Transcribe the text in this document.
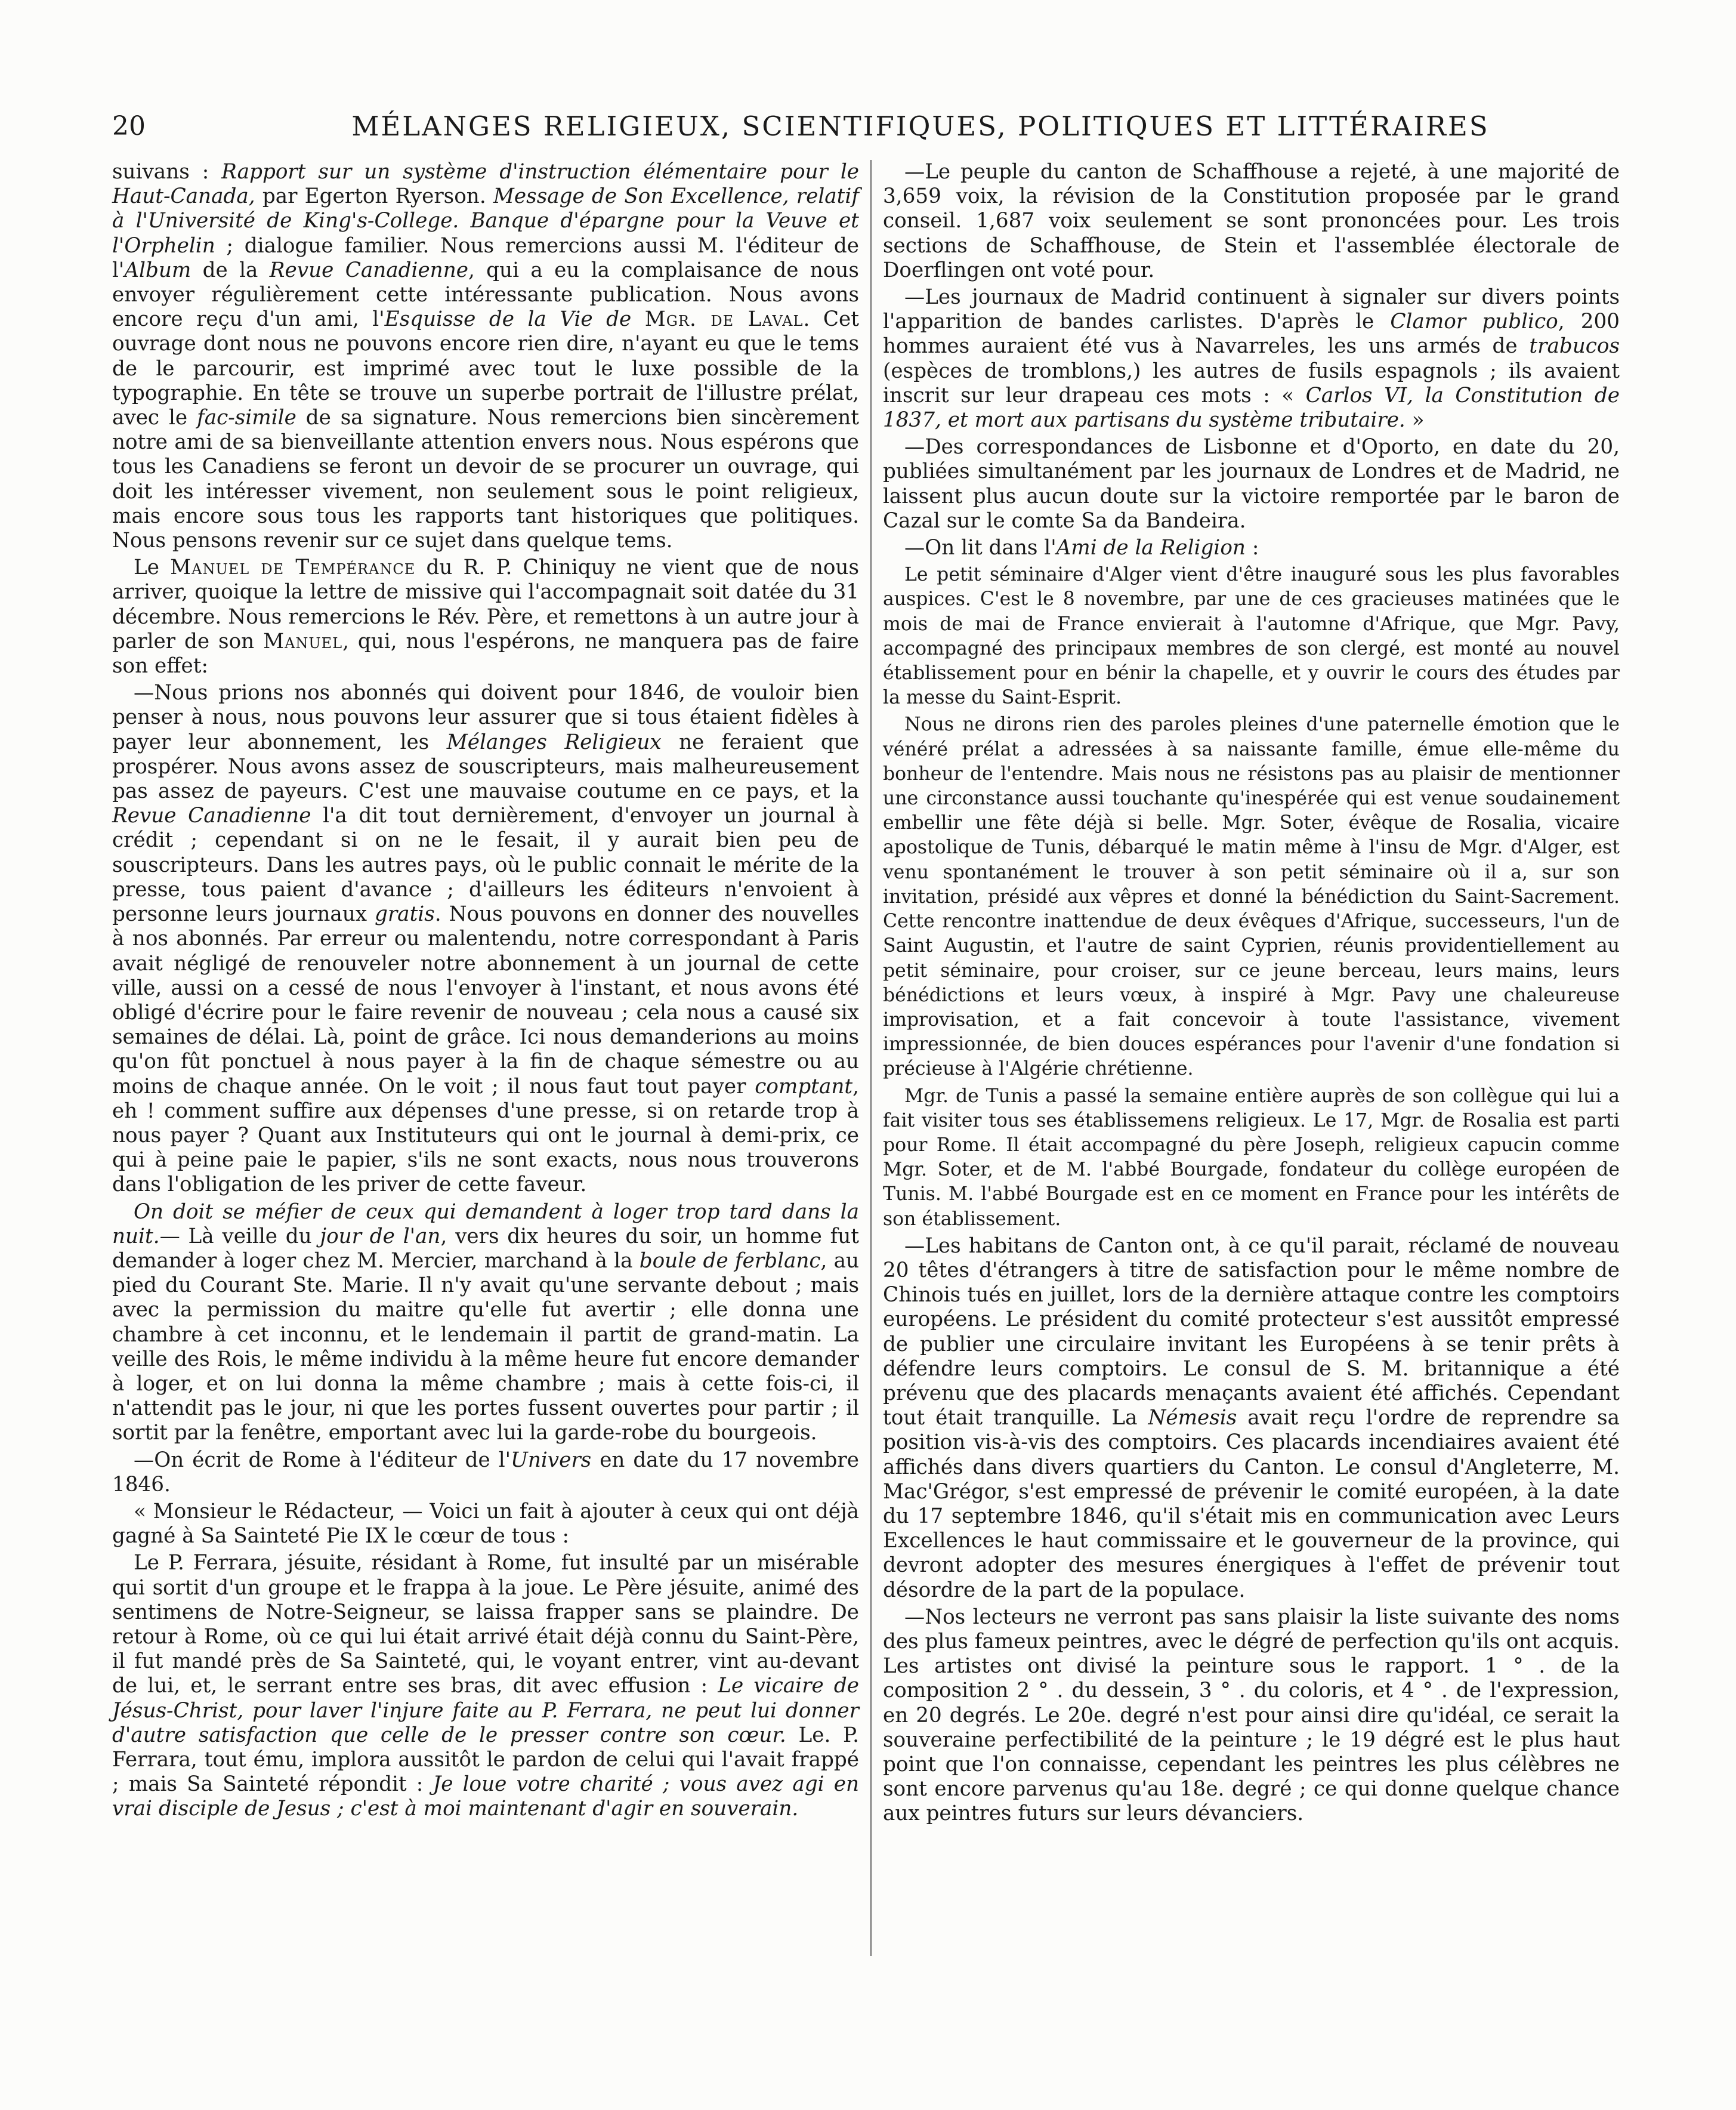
20	MÉLANGES RELIGIEUX, SCIENTIFIQUES, POLITIQUES ET LITTÉRAIRES

suivans : Rapport sur un système d'instruction élémentaire pour le Haut-Canada, par Egerton Ryerson. Message de Son Excellence, relatif à l'Université de King's-College. Banque d'épargne pour la Veuve et l'Orphelin ; dialogue familier. Nous remercions aussi M. l'éditeur de l'Album de la Revue Canadienne, qui a eu la complaisance de nous envoyer régulièrement cette intéressante publication. Nous avons encore reçu d'un ami, l'Esquisse de la Vie de Mgr. de Laval. Cet ouvrage dont nous ne pouvons encore rien dire, n'ayant eu que le tems de le parcourir, est imprimé avec tout le luxe possible de la typographie. En tête se trouve un superbe portrait de l'illustre prélat, avec le fac-simile de sa signature. Nous remercions bien sincèrement notre ami de sa bienveillante attention envers nous. Nous espérons que tous les Canadiens se feront un devoir de se procurer un ouvrage, qui doit les intéresser vivement, non seulement sous le point religieux, mais encore sous tous les rapports tant historiques que politiques. Nous pensons revenir sur ce sujet dans quelque tems.

Le Manuel de Tempérance du R. P. Chiniquy ne vient que de nous arriver, quoique la lettre de missive qui l'accompagnait soit datée du 31 décembre. Nous remercions le Rév. Père, et remettons à un autre jour à parler de son Manuel, qui, nous l'espérons, ne manquera pas de faire son effet:

—Nous prions nos abonnés qui doivent pour 1846, de vouloir bien penser à nous, nous pouvons leur assurer que si tous étaient fidèles à payer leur abonnement, les Mélanges Religieux ne feraient que prospérer. Nous avons assez de souscripteurs, mais malheureusement pas assez de payeurs. C'est une mauvaise coutume en ce pays, et la Revue Canadienne l'a dit tout dernièrement, d'envoyer un journal à crédit ; cependant si on ne le fesait, il y aurait bien peu de souscripteurs. Dans les autres pays, où le public connait le mérite de la presse, tous paient d'avance ; d'ailleurs les éditeurs n'envoient à personne leurs journaux gratis. Nous pouvons en donner des nouvelles à nos abonnés. Par erreur ou malentendu, notre correspondant à Paris avait négligé de renouveler notre abonnement à un journal de cette ville, aussi on a cessé de nous l'envoyer à l'instant, et nous avons été obligé d'écrire pour le faire revenir de nouveau ; cela nous a causé six semaines de délai. Là, point de grâce. Ici nous demanderions au moins qu'on fût ponctuel à nous payer à la fin de chaque sémestre ou au moins de chaque année. On le voit ; il nous faut tout payer comptant, eh ! comment suffire aux dépenses d'une presse, si on retarde trop à nous payer ? Quant aux Instituteurs qui ont le journal à demi-prix, ce qui à peine paie le papier, s'ils ne sont exacts, nous nous trouverons dans l'obligation de les priver de cette faveur.

On doit se méfier de ceux qui demandent à loger trop tard dans la nuit.— Là veille du jour de l'an, vers dix heures du soir, un homme fut demander à loger chez M. Mercier, marchand à la boule de ferblanc, au pied du Courant Ste. Marie. Il n'y avait qu'une servante debout ; mais avec la permission du maitre qu'elle fut avertir ; elle donna une chambre à cet inconnu, et le lendemain il partit de grand-matin. La veille des Rois, le même individu à la même heure fut encore demander à loger, et on lui donna la même chambre ; mais à cette fois-ci, il n'attendit pas le jour, ni que les portes fussent ouvertes pour partir ; il sortit par la fenêtre, emportant avec lui la garde-robe du bourgeois.

—On écrit de Rome à l'éditeur de l'Univers en date du 17 novembre 1846.

« Monsieur le Rédacteur, — Voici un fait à ajouter à ceux qui ont déjà gagné à Sa Sainteté Pie IX le cœur de tous :

Le P. Ferrara, jésuite, résidant à Rome, fut insulté par un misérable qui sortit d'un groupe et le frappa à la joue. Le Père jésuite, animé des sentimens de Notre-Seigneur, se laissa frapper sans se plaindre. De retour à Rome, où ce qui lui était arrivé était déjà connu du Saint-Père, il fut mandé près de Sa Sainteté, qui, le voyant entrer, vint au-devant de lui, et, le serrant entre ses bras, dit avec effusion : Le vicaire de Jésus-Christ, pour laver l'injure faite au P. Ferrara, ne peut lui donner d'autre satisfaction que celle de le presser contre son cœur. Le. P. Ferrara, tout ému, implora aussitôt le pardon de celui qui l'avait frappé ; mais Sa Sainteté répondit : Je loue votre charité ; vous avez agi en vrai disciple de Jesus ; c'est à moi maintenant d'agir en souverain.

—Le peuple du canton de Schaffhouse a rejeté, à une majorité de 3,659 voix, la révision de la Constitution proposée par le grand conseil. 1,687 voix seulement se sont prononcées pour. Les trois sections de Schaffhouse, de Stein et l'assemblée électorale de Doerflingen ont voté pour.

—Les journaux de Madrid continuent à signaler sur divers points l'apparition de bandes carlistes. D'après le Clamor publico, 200 hommes auraient été vus à Navarreles, les uns armés de trabucos (espèces de tromblons,) les autres de fusils espagnols ; ils avaient inscrit sur leur drapeau ces mots : « Carlos VI, la Constitution de 1837, et mort aux partisans du système tributaire. »

—Des correspondances de Lisbonne et d'Oporto, en date du 20, publiées simultanément par les journaux de Londres et de Madrid, ne laissent plus aucun doute sur la victoire remportée par le baron de Cazal sur le comte Sa da Bandeira.

—On lit dans l'Ami de la Religion :

Le petit séminaire d'Alger vient d'être inauguré sous les plus favorables auspices. C'est le 8 novembre, par une de ces gracieuses matinées que le mois de mai de France envierait à l'automne d'Afrique, que Mgr. Pavy, accompagné des principaux membres de son clergé, est monté au nouvel établissement pour en bénir la chapelle, et y ouvrir le cours des études par la messe du Saint-Esprit.

Nous ne dirons rien des paroles pleines d'une paternelle émotion que le vénéré prélat a adressées à sa naissante famille, émue elle-même du bonheur de l'entendre. Mais nous ne résistons pas au plaisir de mentionner une circonstance aussi touchante qu'inespérée qui est venue soudainement embellir une fête déjà si belle. Mgr. Soter, évêque de Rosalia, vicaire apostolique de Tunis, débarqué le matin même à l'insu de Mgr. d'Alger, est venu spontanément le trouver à son petit séminaire où il a, sur son invitation, présidé aux vêpres et donné la bénédiction du Saint-Sacrement. Cette rencontre inattendue de deux évêques d'Afrique, successeurs, l'un de Saint Augustin, et l'autre de saint Cyprien, réunis providentiellement au petit séminaire, pour croiser, sur ce jeune berceau, leurs mains, leurs bénédictions et leurs vœux, à inspiré à Mgr. Pavy une chaleureuse improvisation, et a fait concevoir à toute l'assistance, vivement impressionnée, de bien douces espérances pour l'avenir d'une fondation si précieuse à l'Algérie chrétienne.

Mgr. de Tunis a passé la semaine entière auprès de son collègue qui lui a fait visiter tous ses établissemens religieux. Le 17, Mgr. de Rosalia est parti pour Rome. Il était accompagné du père Joseph, religieux capucin comme Mgr. Soter, et de M. l'abbé Bourgade, fondateur du collège européen de Tunis. M. l'abbé Bourgade est en ce moment en France pour les intérêts de son établissement.

—Les habitans de Canton ont, à ce qu'il parait, réclamé de nouveau 20 têtes d'étrangers à titre de satisfaction pour le même nombre de Chinois tués en juillet, lors de la dernière attaque contre les comptoirs européens. Le président du comité protecteur s'est aussitôt empressé de publier une circulaire invitant les Européens à se tenir prêts à défendre leurs comptoirs. Le consul de S. M. britannique a été prévenu que des placards menaçants avaient été affichés. Cependant tout était tranquille. La Némesis avait reçu l'ordre de reprendre sa position vis-à-vis des comptoirs. Ces placards incendiaires avaient été affichés dans divers quartiers du Canton. Le consul d'Angleterre, M. Mac'Grégor, s'est empressé de prévenir le comité européen, à la date du 17 septembre 1846, qu'il s'était mis en communication avec Leurs Excellences le haut commissaire et le gouverneur de la province, qui devront adopter des mesures énergiques à l'effet de prévenir tout désordre de la part de la populace.

—Nos lecteurs ne verront pas sans plaisir la liste suivante des noms des plus fameux peintres, avec le dégré de perfection qu'ils ont acquis. Les artistes ont divisé la peinture sous le rapport. 1 ° . de la composition 2 ° . du dessein, 3 ° . du coloris, et 4 ° . de l'expression, en 20 degrés. Le 20e. degré n'est pour ainsi dire qu'idéal, ce serait la souveraine perfectibilité de la peinture ; le 19 dégré est le plus haut point que l'on connaisse, cependant les peintres les plus célèbres ne sont encore parvenus qu'au 18e. degré ; ce qui donne quelque chance aux peintres futurs sur leurs dévanciers.
